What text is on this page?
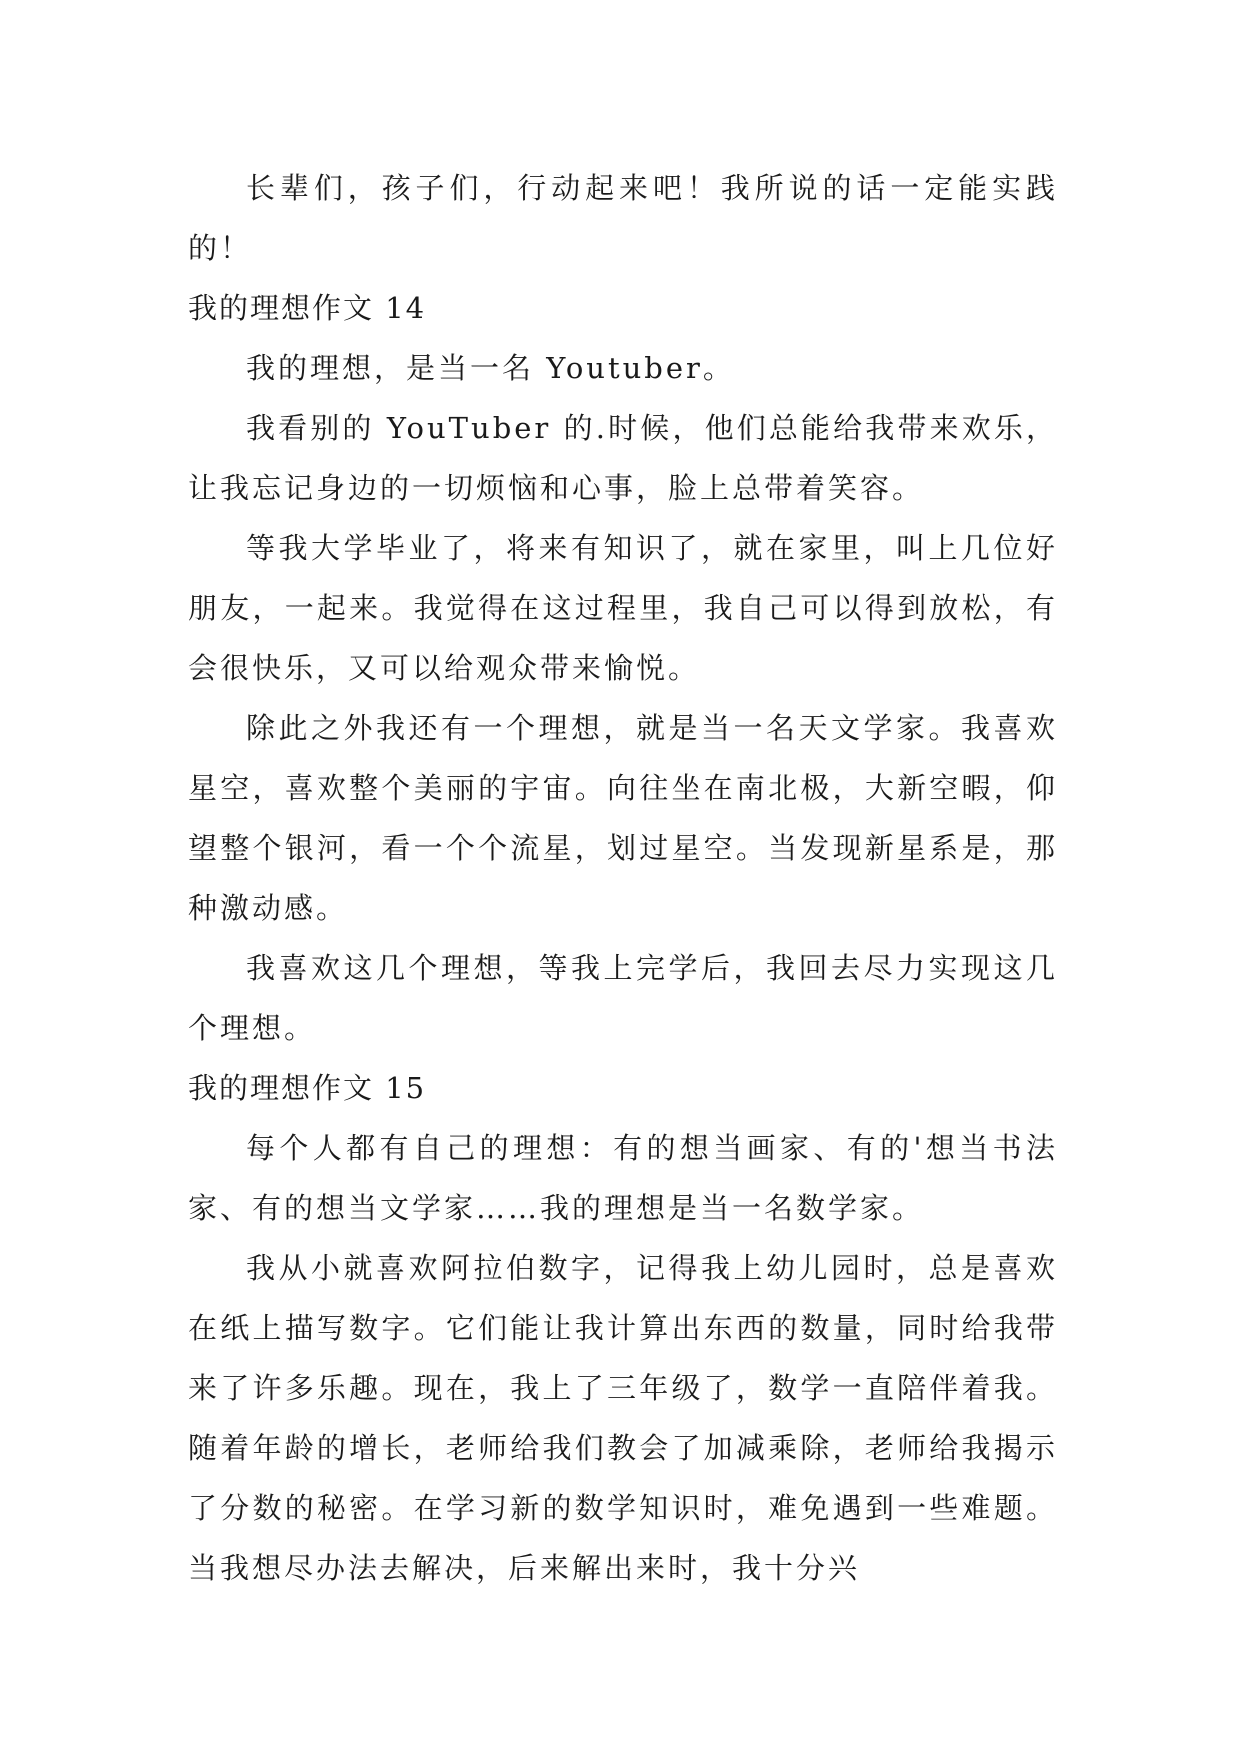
长辈们，孩子们，行动起来吧！我所说的话一定能实践的！

我的理想作文 14

我的理想，是当一名 Youtuber。

我看别的 YouTuber 的.时候，他们总能给我带来欢乐，让我忘记身边的一切烦恼和心事，脸上总带着笑容。

等我大学毕业了，将来有知识了，就在家里，叫上几位好朋友，一起来。我觉得在这过程里，我自己可以得到放松，有会很快乐，又可以给观众带来愉悦。

除此之外我还有一个理想，就是当一名天文学家。我喜欢星空，喜欢整个美丽的宇宙。向往坐在南北极，大新空暇，仰望整个银河，看一个个流星，划过星空。当发现新星系是，那种激动感。

我喜欢这几个理想，等我上完学后，我回去尽力实现这几个理想。

我的理想作文 15

每个人都有自己的理想：有的想当画家、有的'想当书法家、有的想当文学家……我的理想是当一名数学家。

我从小就喜欢阿拉伯数字，记得我上幼儿园时，总是喜欢在纸上描写数字。它们能让我计算出东西的数量，同时给我带来了许多乐趣。现在，我上了三年级了，数学一直陪伴着我。随着年龄的增长，老师给我们教会了加减乘除，老师给我揭示了分数的秘密。在学习新的数学知识时，难免遇到一些难题。当我想尽办法去解决，后来解出来时，我十分兴
